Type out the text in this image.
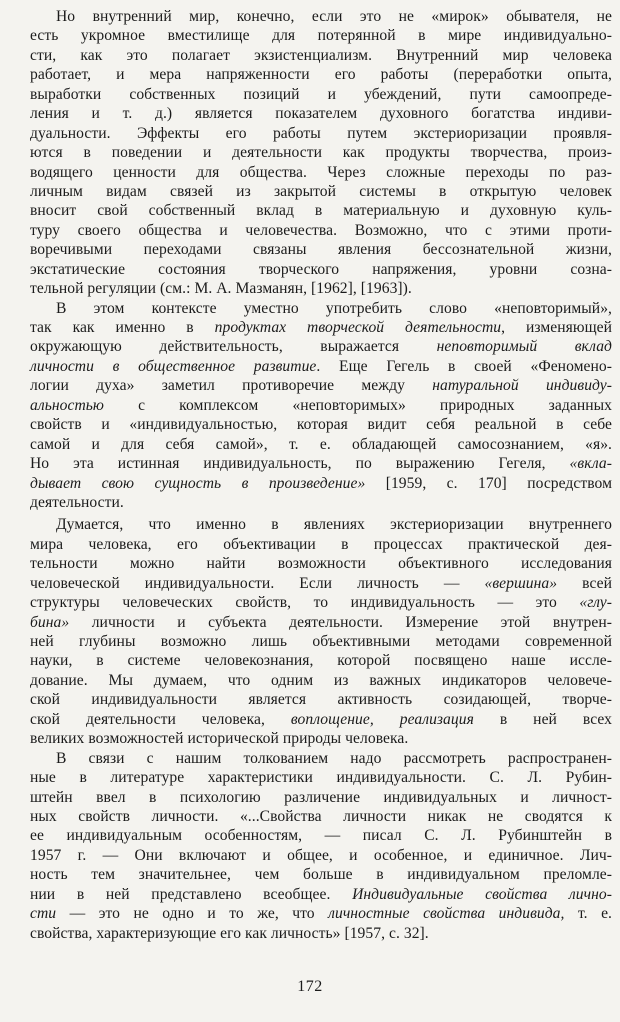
Но внутренний мир, конечно, если это не «мирок» обывателя, не
есть укромное вместилище для потерянной в мире индивидуально-
сти, как это полагает экзистенциализм. Внутренний мир человека
работает, и мера напряженности его работы (переработки опыта,
выработки собственных позиций и убеждений, пути самоопреде-
ления и т. д.) является показателем духовного богатства индиви-
дуальности. Эффекты его работы путем экстериоризации проявля-
ются в поведении и деятельности как продукты творчества, произ-
водящего ценности для общества. Через сложные переходы по раз-
личным видам связей из закрытой системы в открытую человек
вносит свой собственный вклад в материальную и духовную куль-
туру своего общества и человечества. Возможно, что с этими проти-
воречивыми переходами связаны явления бессознательной жизни,
экстатические состояния творческого напряжения, уровни созна-
тельной регуляции (см.: М. А. Мазманян, [1962], [1963]).
В этом контексте уместно употребить слово «неповторимый»,
так как именно в продуктах творческой деятельности, изменяющей
окружающую действительность, выражается неповторимый вклад
личности в общественное развитие. Еще Гегель в своей «Феномено-
логии духа» заметил противоречие между натуральной индивиду-
альностью с комплексом «неповторимых» природных заданных
свойств и «индивидуальностью, которая видит себя реальной в себе
самой и для себя самой», т. е. обладающей самосознанием, «я».
Но эта истинная индивидуальность, по выражению Гегеля, «вкла-
дывает свою сущность в произведение» [1959, с. 170] посредством
деятельности.
Думается, что именно в явлениях экстериоризации внутреннего
мира человека, его объективации в процессах практической дея-
тельности можно найти возможности объективного исследования
человеческой индивидуальности. Если личность — «вершина» всей
структуры человеческих свойств, то индивидуальность — это «глу-
бина» личности и субъекта деятельности. Измерение этой внутрен-
ней глубины возможно лишь объективными методами современной
науки, в системе человекознания, которой посвящено наше иссле-
дование. Мы думаем, что одним из важных индикаторов человече-
ской индивидуальности является активность созидающей, творче-
ской деятельности человека, воплощение, реализация в ней всех
великих возможностей исторической природы человека.
В связи с нашим толкованием надо рассмотреть распространен-
ные в литературе характеристики индивидуальности. С. Л. Рубин-
штейн ввел в психологию различение индивидуальных и личност-
ных свойств личности. «...Свойства личности никак не сводятся к
ее индивидуальным особенностям, — писал С. Л. Рубинштейн в
1957 г. — Они включают и общее, и особенное, и единичное. Лич-
ность тем значительнее, чем больше в индивидуальном преломле-
нии в ней представлено всеобщее. Индивидуальные свойства лично-
сти — это не одно и то же, что личностные свойства индивида, т. е.
свойства, характеризующие его как личность» [1957, с. 32].
172
